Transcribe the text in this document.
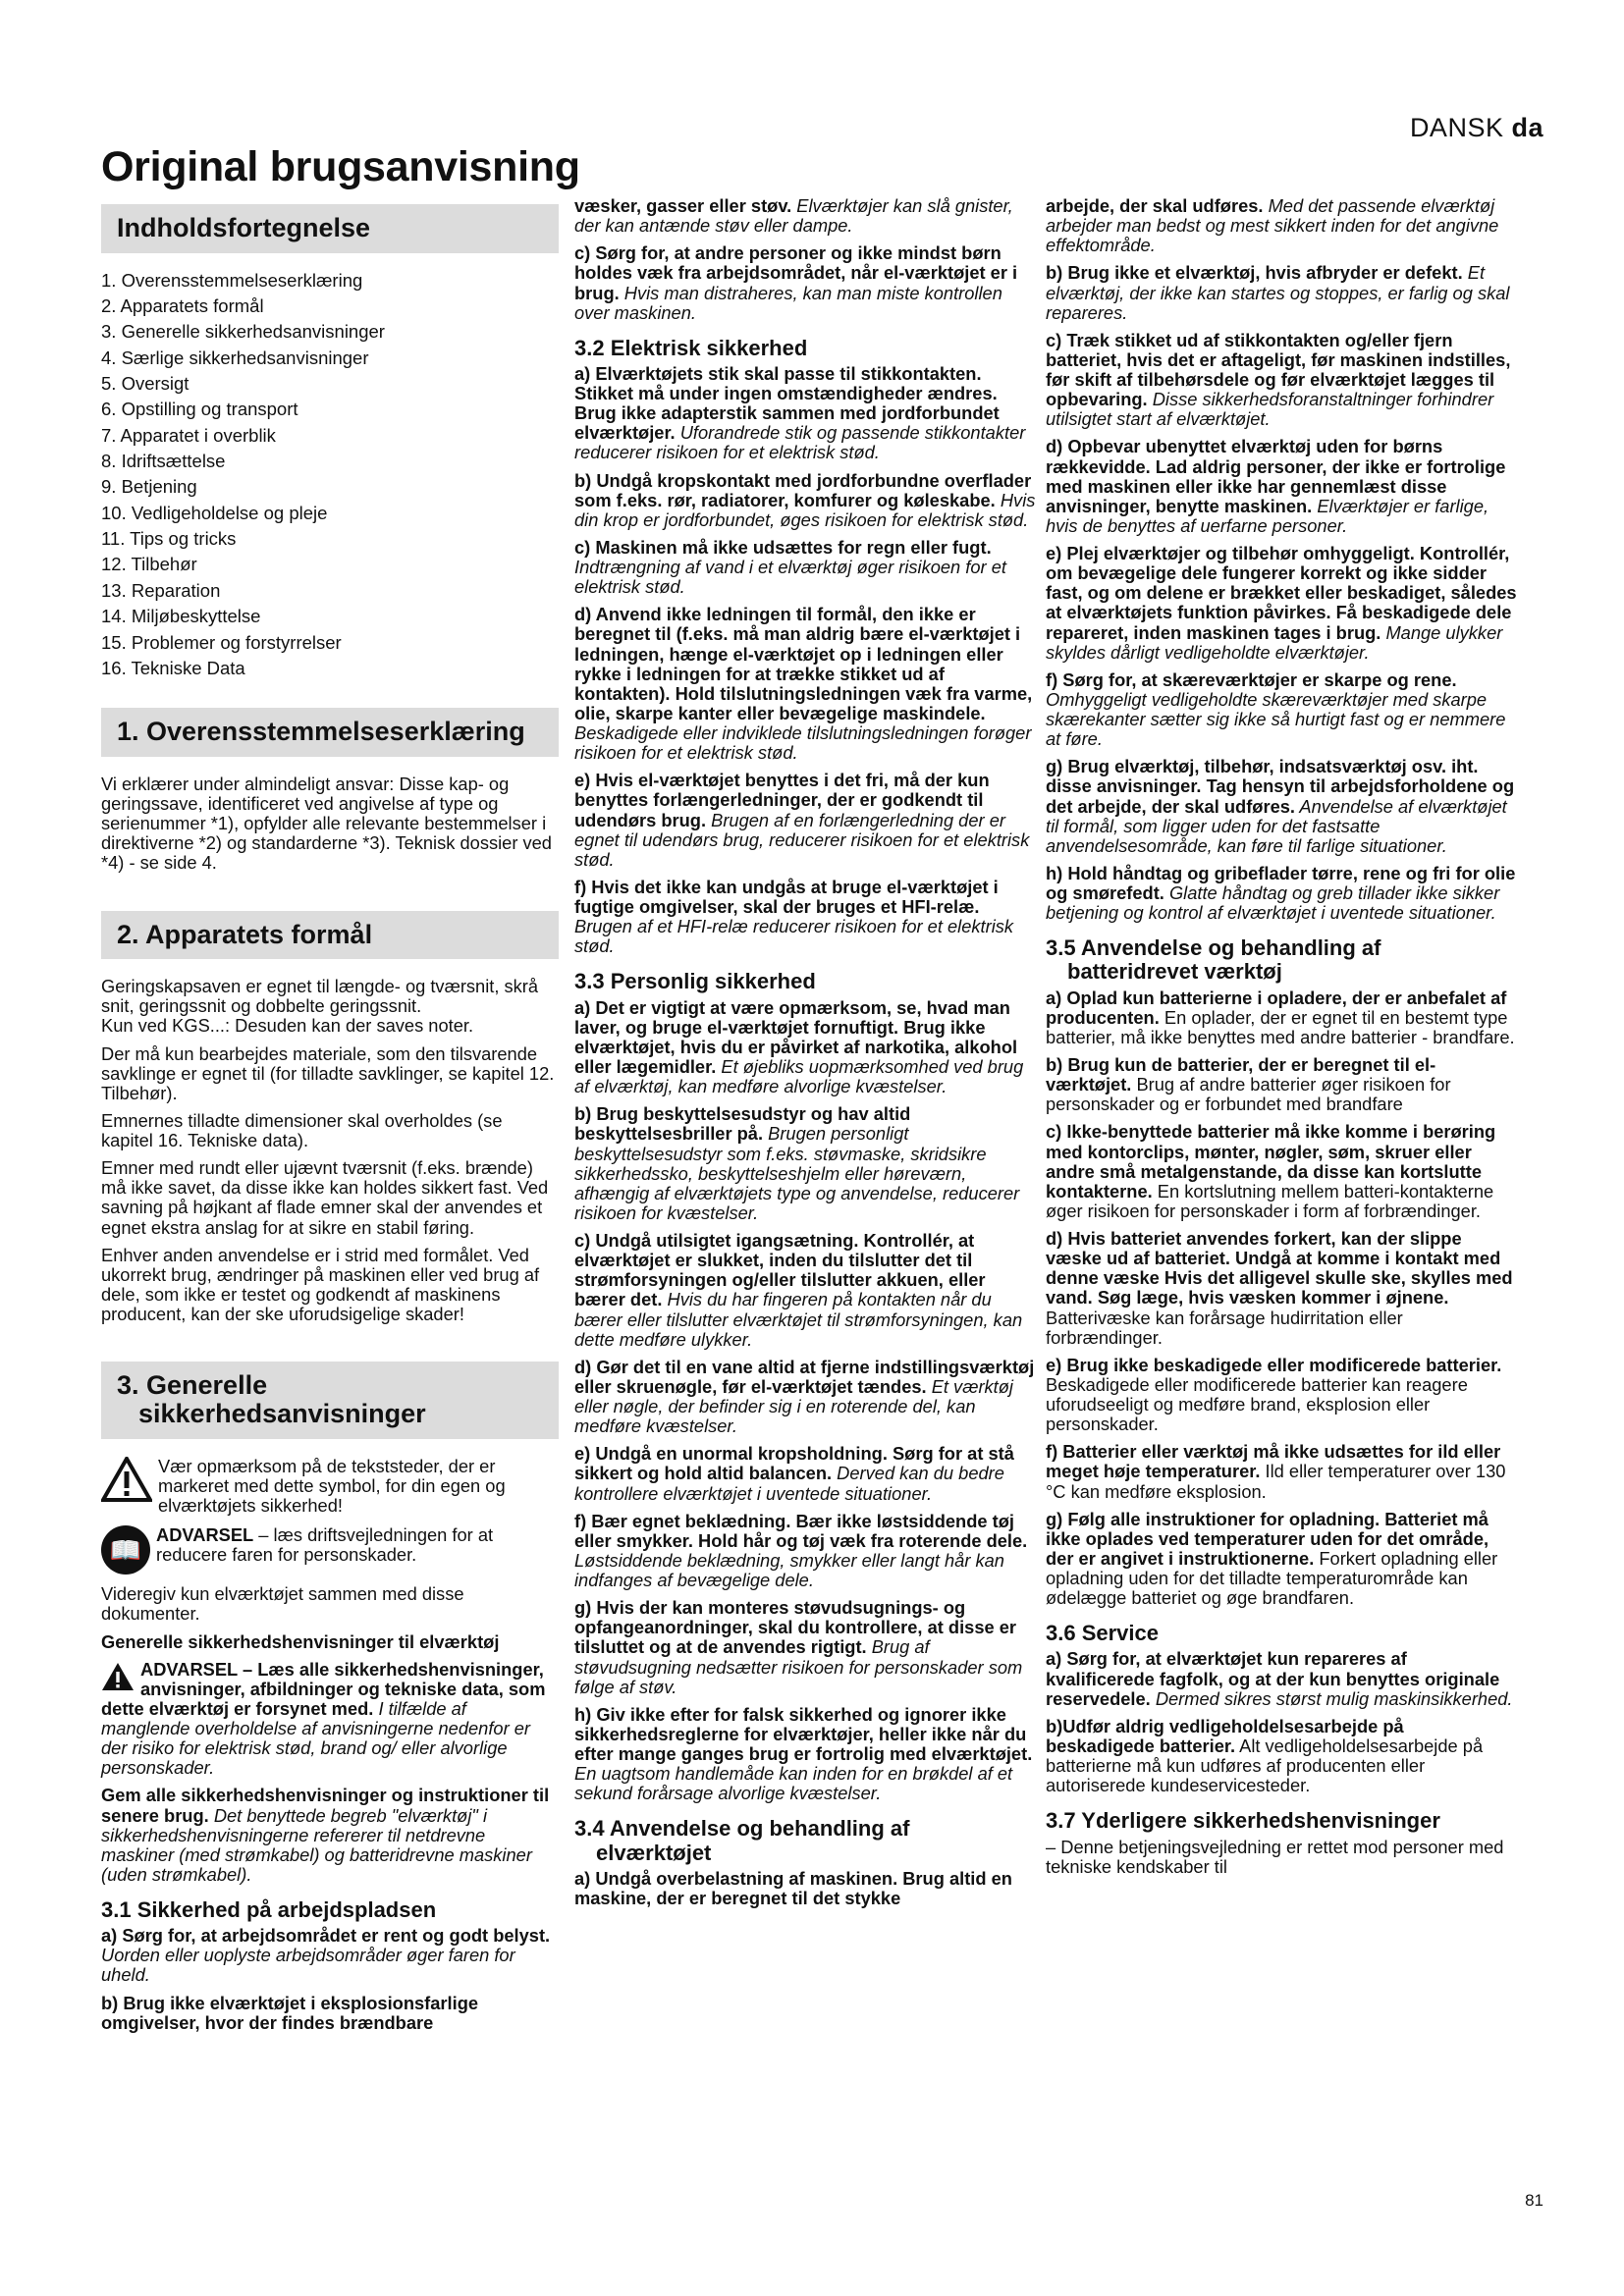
DANSK da
Original brugsanvisning
Indholdsfortegnelse
1. Overensstemmelseserklæring
2. Apparatets formål
3. Generelle sikkerhedsanvisninger
4. Særlige sikkerhedsanvisninger
5. Oversigt
6. Opstilling og transport
7. Apparatet i overblik
8. Idriftsættelse
9. Betjening
10. Vedligeholdelse og pleje
11. Tips og tricks
12. Tilbehør
13. Reparation
14. Miljøbeskyttelse
15. Problemer og forstyrrelser
16. Tekniske Data
1. Overensstemmelseserklæring

Vi erklærer under almindeligt ansvar: Disse kap- og geringssave, identificeret ved angivelse af type og serienummer *1), opfylder alle relevante bestemmelser i direktiverne *2) og standarderne *3). Teknisk dossier ved *4) - se side 4.

2. Apparatets formål

Geringskapsaven er egnet til længde- og tværsnit, skrå snit, geringssnit og dobbelte geringssnit.
Kun ved KGS...: Desuden kan der saves noter.

Der må kun bearbejdes materiale, som den tilsvarende savklinge er egnet til (for tilladte savklinger, se kapitel 12. Tilbehør).

Emnernes tilladte dimensioner skal overholdes (se kapitel 16. Tekniske data).

Emner med rundt eller ujævnt tværsnit (f.eks. brænde) må ikke savet, da disse ikke kan holdes sikkert fast. Ved savning på højkant af flade emner skal der anvendes et egnet ekstra anslag for at sikre en stabil føring.

Enhver anden anvendelse er i strid med formålet. Ved ukorrekt brug, ændringer på maskinen eller ved brug af dele, som ikke er testet og godkendt af maskinens producent, kan der ske uforudsigelige skader!

3. Generelle
sikkerhedsanvisninger
Vær opmærksom på de tekststeder, der er markeret med dette symbol, for din egen og elværktøjets sikkerhed!
📖
ADVARSEL – læs driftsvejledningen for at reducere faren for personskader.

Videregiv kun elværktøjet sammen med disse dokumenter.

Generelle sikkerhedshenvisninger til elværktøj

ADVARSEL – Læs alle sikkerhedshenvisninger, anvisninger, afbildninger og tekniske data, som dette elværktøj er forsynet med. I tilfælde af manglende overholdelse af anvisningerne nedenfor er der risiko for elektrisk stød, brand og/ eller alvorlige personskader.

Gem alle sikkerhedshenvisninger og instruktioner til senere brug. Det benyttede begreb "elværktøj" i sikkerhedshenvisningerne refererer til netdrevne maskiner (med strømkabel) og batteridrevne maskiner (uden strømkabel).

3.1 Sikkerhed på arbejdspladsen

a) Sørg for, at arbejdsområdet er rent og godt belyst. Uorden eller uoplyste arbejdsområder øger faren for uheld.

b) Brug ikke elværktøjet i eksplosionsfarlige omgivelser, hvor der findes brændbare

væsker, gasser eller støv. Elværktøjer kan slå gnister, der kan antænde støv eller dampe.

c) Sørg for, at andre personer og ikke mindst børn holdes væk fra arbejdsområdet, når el-værktøjet er i brug. Hvis man distraheres, kan man miste kontrollen over maskinen.

3.2 Elektrisk sikkerhed

a) Elværktøjets stik skal passe til stikkontakten. Stikket må under ingen omstændigheder ændres. Brug ikke adapterstik sammen med jordforbundet elværktøjer. Uforandrede stik og passende stikkontakter reducerer risikoen for et elektrisk stød.

b) Undgå kropskontakt med jordforbundne overflader som f.eks. rør, radiatorer, komfurer og køleskabe. Hvis din krop er jordforbundet, øges risikoen for elektrisk stød.

c) Maskinen må ikke udsættes for regn eller fugt. Indtrængning af vand i et elværktøj øger risikoen for et elektrisk stød.

d) Anvend ikke ledningen til formål, den ikke er beregnet til (f.eks. må man aldrig bære el-værktøjet i ledningen, hænge el-værktøjet op i ledningen eller rykke i ledningen for at trække stikket ud af kontakten). Hold tilslutningsledningen væk fra varme, olie, skarpe kanter eller bevægelige maskindele. Beskadigede eller indviklede tilslutningsledningen forøger risikoen for et elektrisk stød.

e) Hvis el-værktøjet benyttes i det fri, må der kun benyttes forlængerledninger, der er godkendt til udendørs brug. Brugen af en forlængerledning der er egnet til udendørs brug, reducerer risikoen for et elektrisk stød.

f) Hvis det ikke kan undgås at bruge el-værktøjet i fugtige omgivelser, skal der bruges et HFI-relæ. Brugen af et HFI-relæ reducerer risikoen for et elektrisk stød.

3.3 Personlig sikkerhed

a) Det er vigtigt at være opmærksom, se, hvad man laver, og bruge el-værktøjet fornuftigt. Brug ikke elværktøjet, hvis du er påvirket af narkotika, alkohol eller lægemidler. Et øjebliks uopmærksomhed ved brug af elværktøj, kan medføre alvorlige kvæstelser.

b) Brug beskyttelsesudstyr og hav altid beskyttelsesbriller på. Brugen personligt beskyttelsesudstyr som f.eks. støvmaske, skridsikre sikkerhedssko, beskyttelseshjelm eller høreværn, afhængig af elværktøjets type og anvendelse, reducerer risikoen for kvæstelser.

c) Undgå utilsigtet igangsætning. Kontrollér, at elværktøjet er slukket, inden du tilslutter det til strømforsyningen og/eller tilslutter akkuen, eller bærer det. Hvis du har fingeren på kontakten når du bærer eller tilslutter elværktøjet til strømforsyningen, kan dette medføre ulykker.

d) Gør det til en vane altid at fjerne indstillingsværktøj eller skruenøgle, før el-værktøjet tændes. Et værktøj eller nøgle, der befinder sig i en roterende del, kan medføre kvæstelser.

e) Undgå en unormal kropsholdning. Sørg for at stå sikkert og hold altid balancen. Derved kan du bedre kontrollere elværktøjet i uventede situationer.

f) Bær egnet beklædning. Bær ikke løstsiddende tøj eller smykker. Hold hår og tøj væk fra roterende dele. Løstsiddende beklædning, smykker eller langt hår kan indfanges af bevægelige dele.

g) Hvis der kan monteres støvudsugnings- og opfangeanordninger, skal du kontrollere, at disse er tilsluttet og at de anvendes rigtigt. Brug af støvudsugning nedsætter risikoen for personskader som følge af støv.

h) Giv ikke efter for falsk sikkerhed og ignorer ikke sikkerhedsreglerne for elværktøjer, heller ikke når du efter mange ganges brug er fortrolig med elværktøjet. En uagtsom handlemåde kan inden for en brøkdel af et sekund forårsage alvorlige kvæstelser.

3.4 Anvendelse og behandling af
elværktøjet

a) Undgå overbelastning af maskinen. Brug altid en maskine, der er beregnet til det stykke

arbejde, der skal udføres. Med det passende elværktøj arbejder man bedst og mest sikkert inden for det angivne effektområde.

b) Brug ikke et elværktøj, hvis afbryder er defekt. Et elværktøj, der ikke kan startes og stoppes, er farlig og skal repareres.

c) Træk stikket ud af stikkontakten og/eller fjern batteriet, hvis det er aftageligt, før maskinen indstilles, før skift af tilbehørsdele og før elværktøjet lægges til opbevaring. Disse sikkerhedsforanstaltninger forhindrer utilsigtet start af elværktøjet.

d) Opbevar ubenyttet elværktøj uden for børns rækkevidde. Lad aldrig personer, der ikke er fortrolige med maskinen eller ikke har gennemlæst disse anvisninger, benytte maskinen. Elværktøjer er farlige, hvis de benyttes af uerfarne personer.

e) Plej elværktøjer og tilbehør omhyggeligt. Kontrollér, om bevægelige dele fungerer korrekt og ikke sidder fast, og om delene er brækket eller beskadiget, således at elværktøjets funktion påvirkes. Få beskadigede dele repareret, inden maskinen tages i brug. Mange ulykker skyldes dårligt vedligeholdte elværktøjer.

f) Sørg for, at skæreværktøjer er skarpe og rene. Omhyggeligt vedligeholdte skæreværktøjer med skarpe skærekanter sætter sig ikke så hurtigt fast og er nemmere at føre.

g) Brug elværktøj, tilbehør, indsatsværktøj osv. iht. disse anvisninger. Tag hensyn til arbejdsforholdene og det arbejde, der skal udføres. Anvendelse af elværktøjet til formål, som ligger uden for det fastsatte anvendelsesområde, kan føre til farlige situationer.

h) Hold håndtag og gribeflader tørre, rene og fri for olie og smørefedt. Glatte håndtag og greb tillader ikke sikker betjening og kontrol af elværktøjet i uventede situationer.

3.5 Anvendelse og behandling af
batteridrevet værktøj

a) Oplad kun batterierne i opladere, der er anbefalet af producenten. En oplader, der er egnet til en bestemt type batterier, må ikke benyttes med andre batterier - brandfare.

b) Brug kun de batterier, der er beregnet til el-værktøjet. Brug af andre batterier øger risikoen for personskader og er forbundet med brandfare

c) Ikke-benyttede batterier må ikke komme i berøring med kontorclips, mønter, nøgler, søm, skruer eller andre små metalgenstande, da disse kan kortslutte kontakterne. En kortslutning mellem batteri-kontakterne øger risikoen for personskader i form af forbrændinger.

d) Hvis batteriet anvendes forkert, kan der slippe væske ud af batteriet. Undgå at komme i kontakt med denne væske Hvis det alligevel skulle ske, skylles med vand. Søg læge, hvis væsken kommer i øjnene. Batterivæske kan forårsage hudirritation eller forbrændinger.

e) Brug ikke beskadigede eller modificerede batterier. Beskadigede eller modificerede batterier kan reagere uforudseeligt og medføre brand, eksplosion eller personskader.

f) Batterier eller værktøj må ikke udsættes for ild eller meget høje temperaturer. Ild eller temperaturer over 130 °C kan medføre eksplosion.

g) Følg alle instruktioner for opladning. Batteriet må ikke oplades ved temperaturer uden for det område, der er angivet i instruktionerne. Forkert opladning eller opladning uden for det tilladte temperaturområde kan ødelægge batteriet og øge brandfaren.

3.6 Service

a) Sørg for, at elværktøjet kun repareres af kvalificerede fagfolk, og at der kun benyttes originale reservedele. Dermed sikres størst mulig maskinsikkerhed.

b)Udfør aldrig vedligeholdelsesarbejde på beskadigede batterier. Alt vedligeholdelsesarbejde på batterierne må kun udføres af producenten eller autoriserede kundeservicesteder.

3.7 Yderligere sikkerhedshenvisninger

– Denne betjeningsvejledning er rettet mod personer med tekniske kendskaber til

81
